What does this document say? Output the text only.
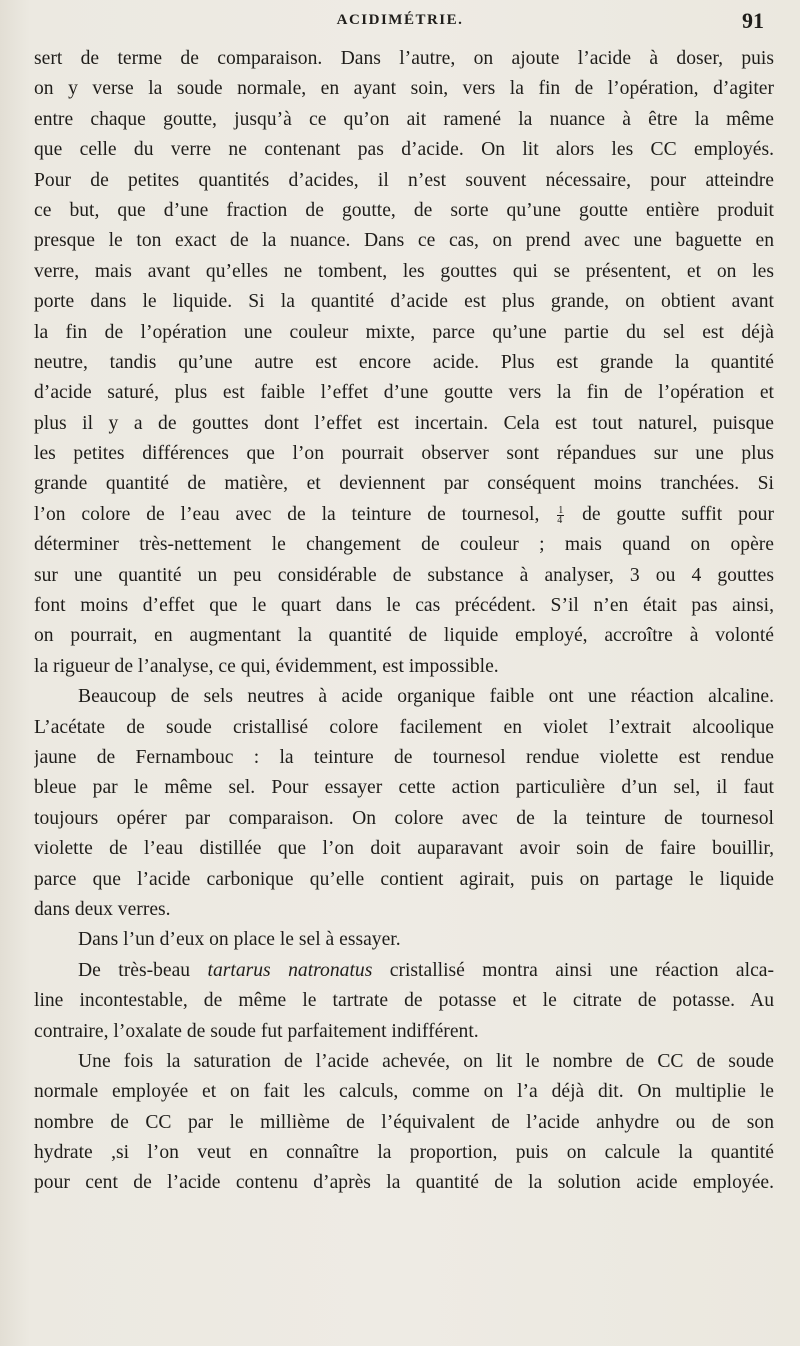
ACIDIMÉTRIE.	91
sert de terme de comparaison. Dans l’autre, on ajoute l’acide à doser, puis
on y verse la soude normale, en ayant soin, vers la fin de l’opération, d’agiter
entre chaque goutte, jusqu’à ce qu’on ait ramené la nuance à être la même
que celle du verre ne contenant pas d’acide. On lit alors les CC employés.
Pour de petites quantités d’acides, il n’est souvent nécessaire, pour atteindre
ce but, que d’une fraction de goutte, de sorte qu’une goutte entière produit
presque le ton exact de la nuance. Dans ce cas, on prend avec une baguette en
verre, mais avant qu’elles ne tombent, les gouttes qui se présentent, et on les
porte dans le liquide. Si la quantité d’acide est plus grande, on obtient avant
la fin de l’opération une couleur mixte, parce qu’une partie du sel est déjà
neutre, tandis qu’une autre est encore acide. Plus est grande la quantité
d’acide saturé, plus est faible l’effet d’une goutte vers la fin de l’opération et
plus il y a de gouttes dont l’effet est incertain. Cela est tout naturel, puisque
les petites différences que l’on pourrait observer sont répandues sur une plus
grande quantité de matière, et deviennent par conséquent moins tranchées. Si
l’on colore de l’eau avec de la teinture de tournesol, $\frac{1}{4}$ de goutte suffit pour
déterminer très-nettement le changement de couleur ; mais quand on opère
sur une quantité un peu considérable de substance à analyser, 3 ou 4 gouttes
font moins d’effet que le quart dans le cas précédent. S’il n’en était pas ainsi,
on pourrait, en augmentant la quantité de liquide employé, accroître à volonté
la rigueur de l’analyse, ce qui, évidemment, est impossible.
Beaucoup de sels neutres à acide organique faible ont une réaction alcaline.
L’acétate de soude cristallisé colore facilement en violet l’extrait alcoolique
jaune de Fernambouc : la teinture de tournesol rendue violette est rendue
bleue par le même sel. Pour essayer cette action particulière d’un sel, il faut
toujours opérer par comparaison. On colore avec de la teinture de tournesol
violette de l’eau distillée que l’on doit auparavant avoir soin de faire bouillir,
parce que l’acide carbonique qu’elle contient agirait, puis on partage le liquide
dans deux verres.
Dans l’un d’eux on place le sel à essayer.
De très-beau tartarus natronatus cristallisé montra ainsi une réaction alca-
line incontestable, de même le tartrate de potasse et le citrate de potasse. Au
contraire, l’oxalate de soude fut parfaitement indifférent.
Une fois la saturation de l’acide achevée, on lit le nombre de CC de soude
normale employée et on fait les calculs, comme on l’a déjà dit. On multiplie le
nombre de CC par le millième de l’équivalent de l’acide anhydre ou de son
hydrate ,si l’on veut en connaître la proportion, puis on calcule la quantité
pour cent de l’acide contenu d’après la quantité de la solution acide employée.
